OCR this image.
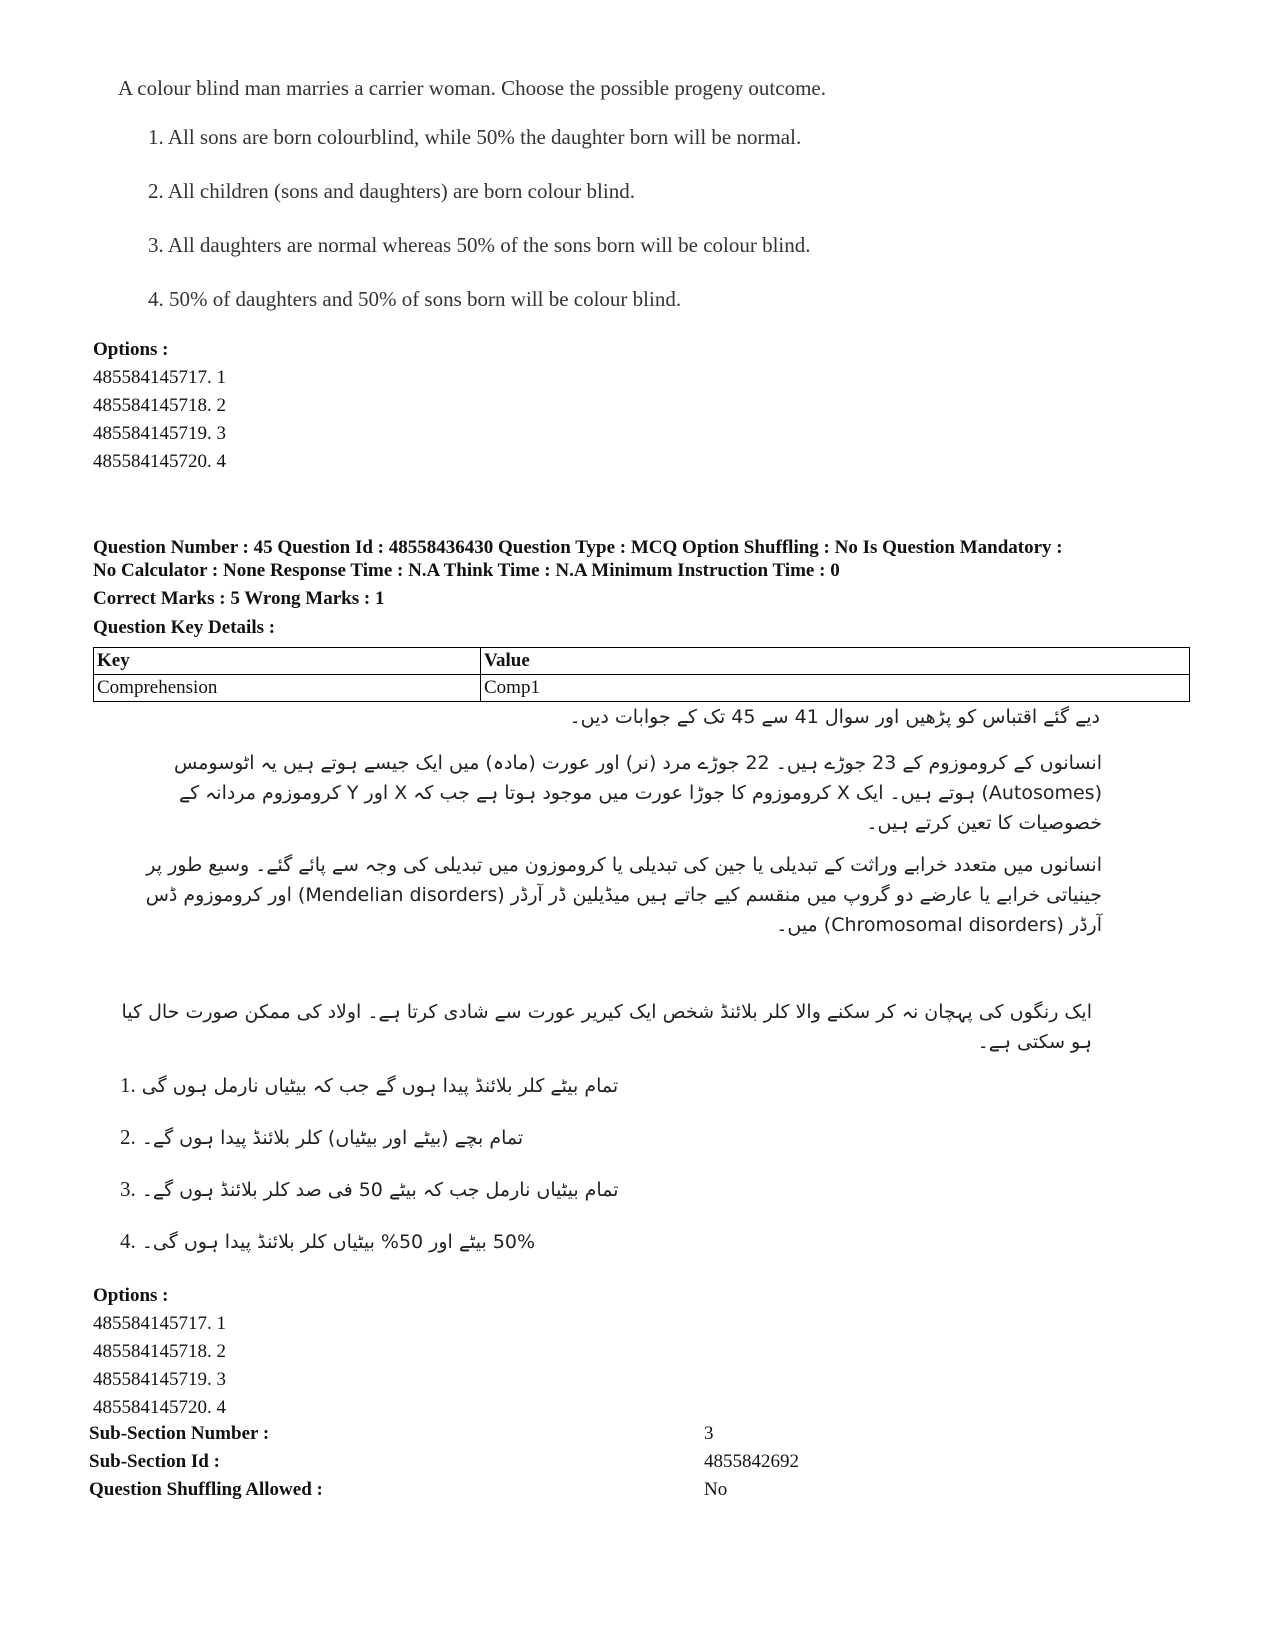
A colour blind man marries a carrier woman. Choose the possible progeny outcome.

1. All sons are born colourblind, while 50% the daughter born will be normal.

2. All children (sons and daughters) are born colour blind.

3. All daughters are normal whereas 50% of the sons born will be colour blind.

4. 50% of daughters and 50% of sons born will be colour blind.

Options :
485584145717. 1
485584145718. 2
485584145719. 3
485584145720. 4
Question Number : 45 Question Id : 48558436430 Question Type : MCQ Option Shuffling : No Is Question Mandatory :
No Calculator : None Response Time : N.A Think Time : N.A Minimum Instruction Time : 0
Correct Marks : 5 Wrong Marks : 1
Question Key Details :
Key	Value
Comprehension	Comp1

دیے گئے اقتباس کو پڑھیں اور سوال 41 سے 45 تک کے جوابات دیں۔

انسانوں کے کروموزوم کے 23 جوڑے ہیں۔ 22 جوڑے مرد (نر) اور عورت (مادہ) میں ایک جیسے ہوتے ہیں یہ اٹوسومس (Autosomes) ہوتے ہیں۔ ایک X کروموزوم کا جوڑا عورت میں موجود ہوتا ہے جب کہ X اور Y کروموزوم مردانہ کے خصوصیات کا تعین کرتے ہیں۔

انسانوں میں متعدد خرابے وراثت کے تبدیلی یا جین کی تبدیلی یا کروموزون میں تبدیلی کی وجہ سے پائے گئے۔ وسیع طور پر جینیاتی خرابے یا عارضے دو گروپ میں منقسم کیے جاتے ہیں میڈیلین ڈر آرڈر (Mendelian disorders) اور کروموزوم ڈس آرڈر (Chromosomal disorders) میں۔

ایک رنگوں کی پہچان نہ کر سکنے والا کلر بلائنڈ شخص ایک کیریر عورت سے شادی کرتا ہے۔ اولاد کی ممکن صورت حال کیا ہو سکتی ہے۔

1. تمام بیٹے کلر بلائنڈ پیدا ہوں گے جب کہ بیٹیاں نارمل ہوں گی
2. تمام بچے (بیٹے اور بیٹیاں) کلر بلائنڈ پیدا ہوں گے۔
3. تمام بیٹیاں نارمل جب کہ بیٹے 50 فی صد کلر بلائنڈ ہوں گے۔
4. 50% بیٹے اور 50% بیٹیاں کلر بلائنڈ پیدا ہوں گی۔
Options :
485584145717. 1
485584145718. 2
485584145719. 3
485584145720. 4
Sub-Section Number :	3
Sub-Section Id :	4855842692
Question Shuffling Allowed :	No
